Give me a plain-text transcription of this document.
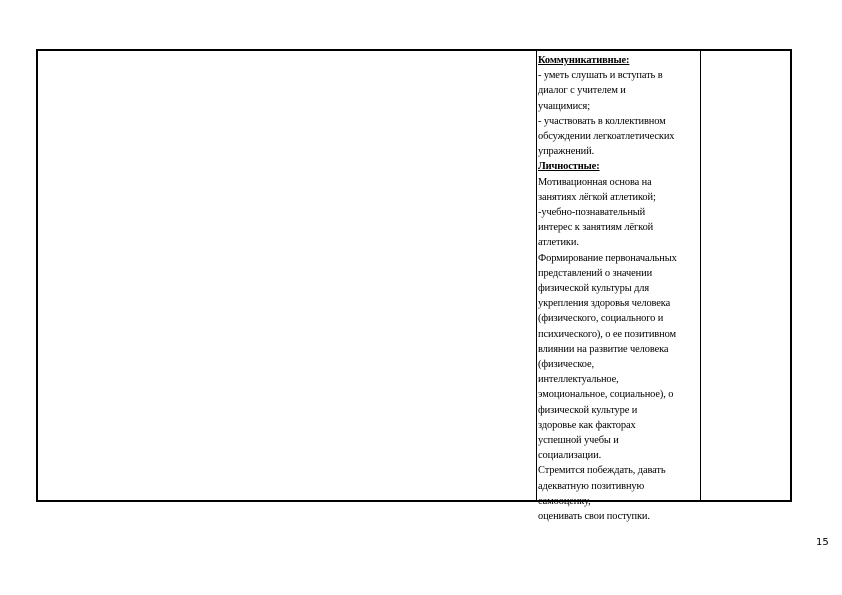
Коммуникативные:

- уметь слушать и вступать в
диалог с учителем и
учащимися;

- участвовать в коллективном
обсуждении легкоатлетических
упражнений.

Личностные:

Мотивационная основа на
занятиях лёгкой атлетикой;

-учебно-познавательный
интерес к занятиям лёгкой
атлетики.

Формирование первоначальных
представлений о значении
физической культуры для
укрепления здоровья человека
(физического, социального и
психического), о ее позитивном
влиянии на развитие человека
(физическое,
интеллектуальное,
эмоциональное, социальное), о
физической культуре и
здоровье как факторах
успешной учебы и
социализации.

Стремится побеждать, давать
адекватную позитивную
самооценку,

оценивать свои поступки.

15
